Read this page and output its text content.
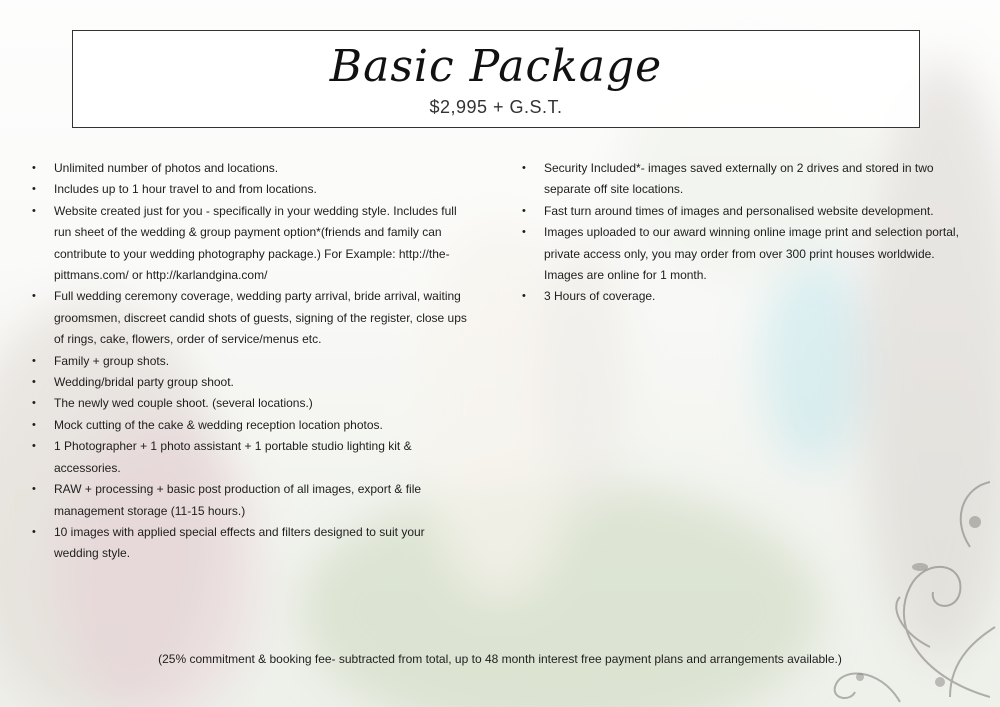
Basic Package
$2,995 + G.S.T.
• Unlimited number of photos and locations.
• Includes up to 1 hour travel to and from locations.
• Website created just for you - specifically in your wedding style. Includes full run sheet of the wedding & group payment option*(friends and family can contribute to your wedding photography package.) For Example: http://the-pittmans.com/ or http://karlandgina.com/
• Full wedding ceremony coverage, wedding party arrival, bride arrival, waiting groomsmen, discreet candid shots of guests, signing of the register, close ups of rings, cake, flowers, order of service/menus etc.
• Family + group shots.
• Wedding/bridal party group shoot.
• The newly wed couple shoot. (several locations.)
• Mock cutting of the cake & wedding reception location photos.
• 1 Photographer + 1 photo assistant + 1 portable studio lighting kit & accessories.
• RAW + processing + basic post production of all images, export & file management storage (11-15 hours.)
• 10 images with applied special effects and filters designed to suit your wedding style.
• Security Included*- images saved externally on 2 drives and stored in two separate off site locations.
• Fast turn around times of images and personalised website development.
• Images uploaded to our award winning online image print and selection portal, private access only, you may order from over 300 print houses worldwide. Images are online for 1 month.
• 3 Hours of coverage.
(25% commitment & booking fee- subtracted from total, up to 48 month interest free payment plans and arrangements available.)
